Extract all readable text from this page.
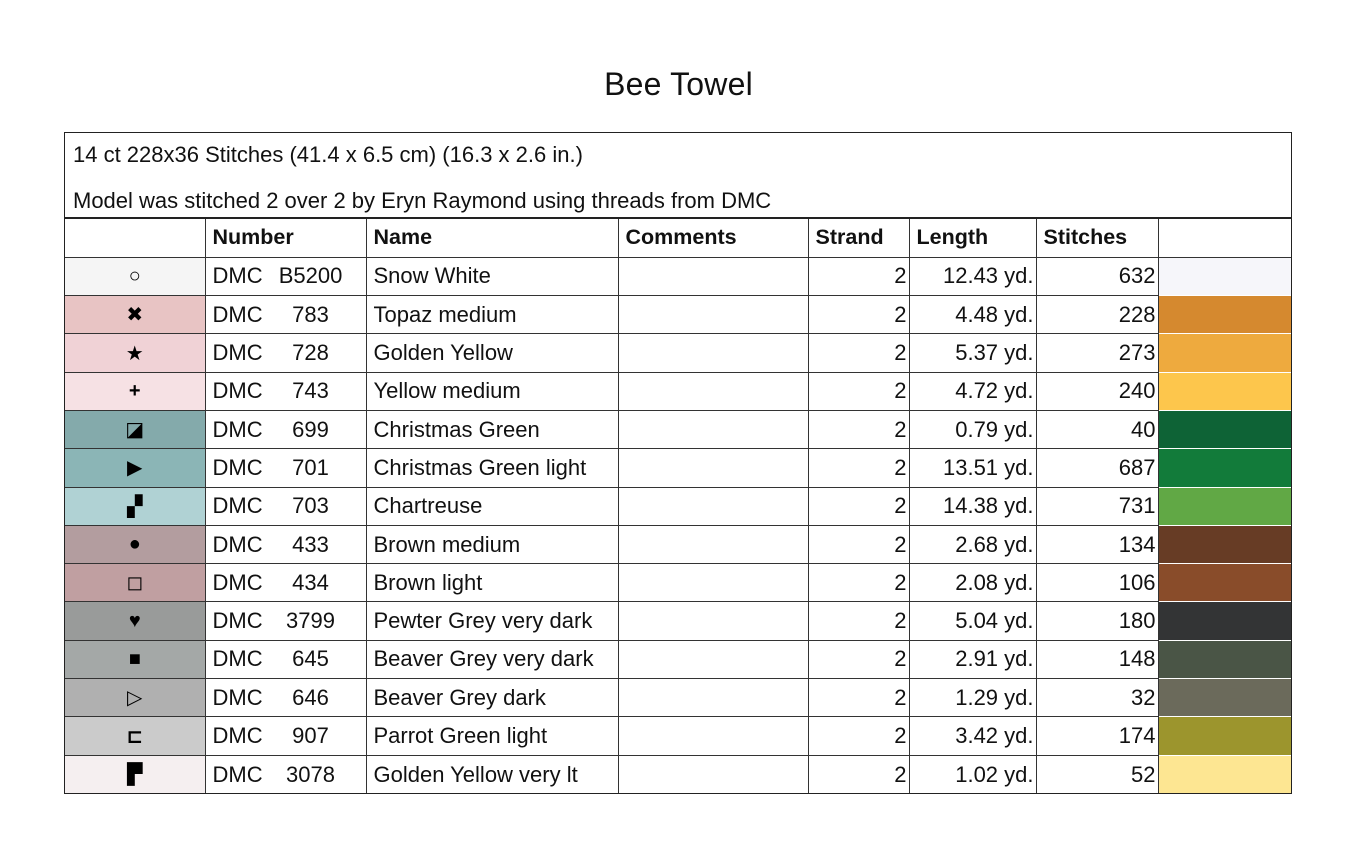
Bee Towel
14 ct 228x36 Stitches (41.4 x 6.5 cm) (16.3 x 2.6 in.)
Model was stitched 2 over 2 by Eryn Raymond using threads from DMC
	Number	Name	Comments	Strand	Length	Stitches	
○	DMC B5200	Snow White		2	12.43 yd.	632	
✖	DMC 783	Topaz medium		2	4.48 yd.	228	
★	DMC 728	Golden Yellow		2	5.37 yd.	273	
+	DMC 743	Yellow medium		2	4.72 yd.	240	
◪	DMC 699	Christmas Green		2	0.79 yd.	40	
▶	DMC 701	Christmas Green light		2	13.51 yd.	687	
▞	DMC 703	Chartreuse		2	14.38 yd.	731	
●	DMC 433	Brown medium		2	2.68 yd.	134	
◻	DMC 434	Brown light		2	2.08 yd.	106	
♥	DMC 3799	Pewter Grey very dark		2	5.04 yd.	180	
■	DMC 645	Beaver Grey very dark		2	2.91 yd.	148	
▷	DMC 646	Beaver Grey dark		2	1.29 yd.	32	
⊏	DMC 907	Parrot Green light		2	3.42 yd.	174	
▛	DMC 3078	Golden Yellow very lt		2	1.02 yd.	52	
